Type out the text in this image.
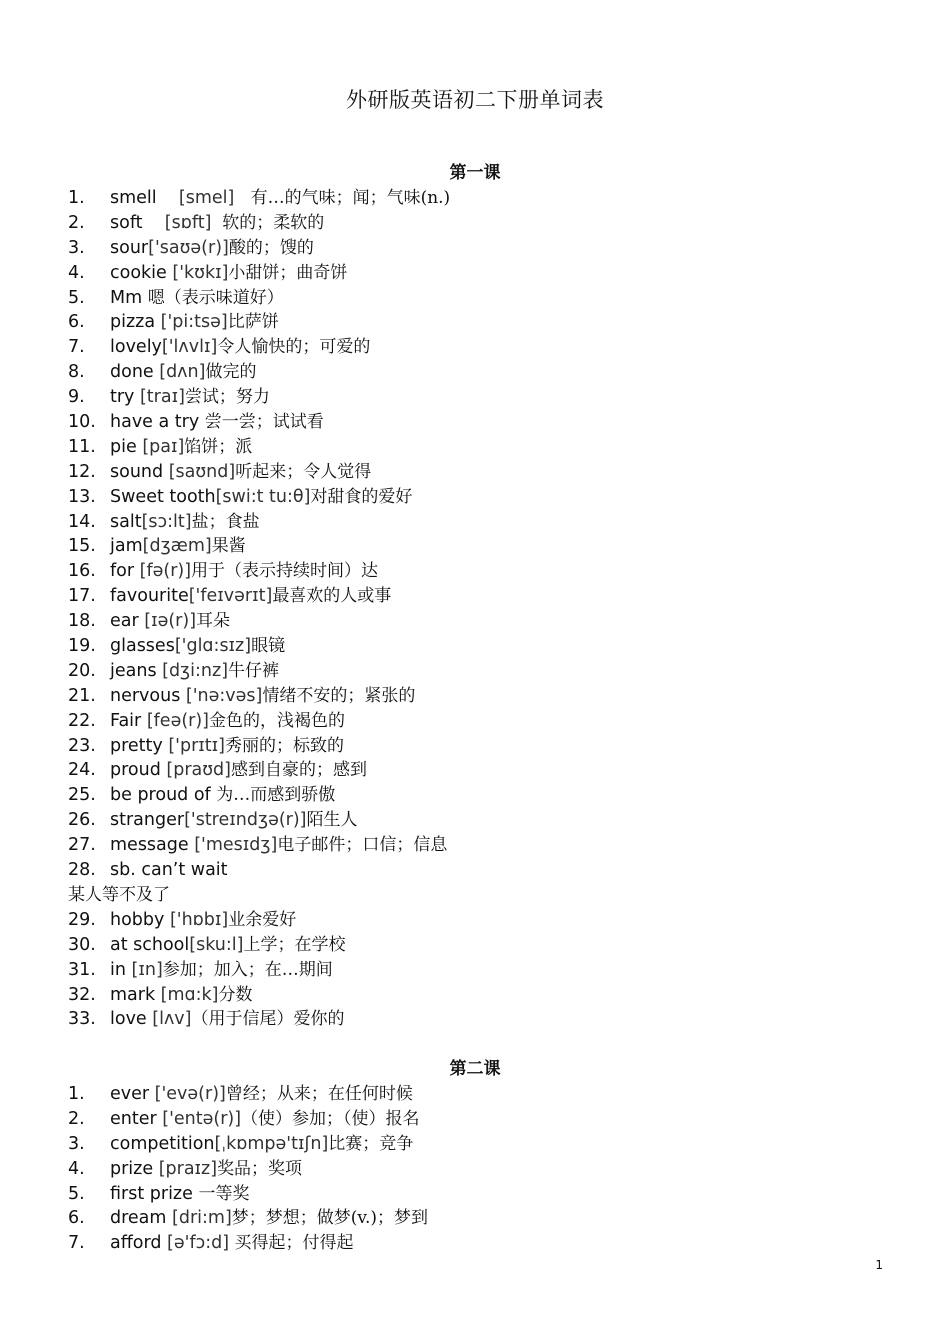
外研版英语初二下册单词表
第一课
1. smell    [smel]   有…的气味；闻；气味(n.)
2. soft    [sɒft]  软的；柔软的
3. sour['saʊə(r)]酸的；馊的
4. cookie ['kʊkɪ]小甜饼；曲奇饼
5. Mm 嗯（表示味道好）
6. pizza ['pi:tsə]比萨饼
7. lovely['lʌvlɪ]令人愉快的；可爱的
8. done [dʌn]做完的
9. try [traɪ]尝试；努力
10. have a try 尝一尝；试试看
11. pie [paɪ]馅饼；派
12. sound [saʊnd]听起来；令人觉得
13. Sweet tooth[swi:t tu:θ]对甜食的爱好
14. salt[sɔ:lt]盐；食盐
15. jam[dʒæm]果酱
16. for [fə(r)]用于（表示持续时间）达
17. favourite['feɪvərɪt]最喜欢的人或事
18. ear [ɪə(r)]耳朵
19. glasses['glɑ:sɪz]眼镜
20. jeans [dʒi:nz]牛仔裤
21. nervous ['nə:vəs]情绪不安的；紧张的
22. Fair [feə(r)]金色的，浅褐色的
23. pretty ['prɪtɪ]秀丽的；标致的
24. proud [praʊd]感到自豪的；感到
25. be proud of 为…而感到骄傲
26. stranger['streɪndʒə(r)]陌生人
27. message ['mesɪdʒ]电子邮件；口信；信息
28. sb. can’t wait
某人等不及了
29. hobby ['hɒbɪ]业余爱好
30. at school[sku:l]上学；在学校
31. in [ɪn]参加；加入；在…期间
32. mark [mɑ:k]分数
33. love [lʌv]（用于信尾）爱你的
第二课
1. ever ['evə(r)]曾经；从来；在任何时候
2. enter ['entə(r)]（使）参加；（使）报名
3. competition[ˌkɒmpə'tɪʃn]比赛；竞争
4. prize [praɪz]奖品；奖项
5. first prize 一等奖
6. dream [dri:m]梦；梦想；做梦(v.)；梦到
7. afford [ə'fɔ:d] 买得起；付得起
1
